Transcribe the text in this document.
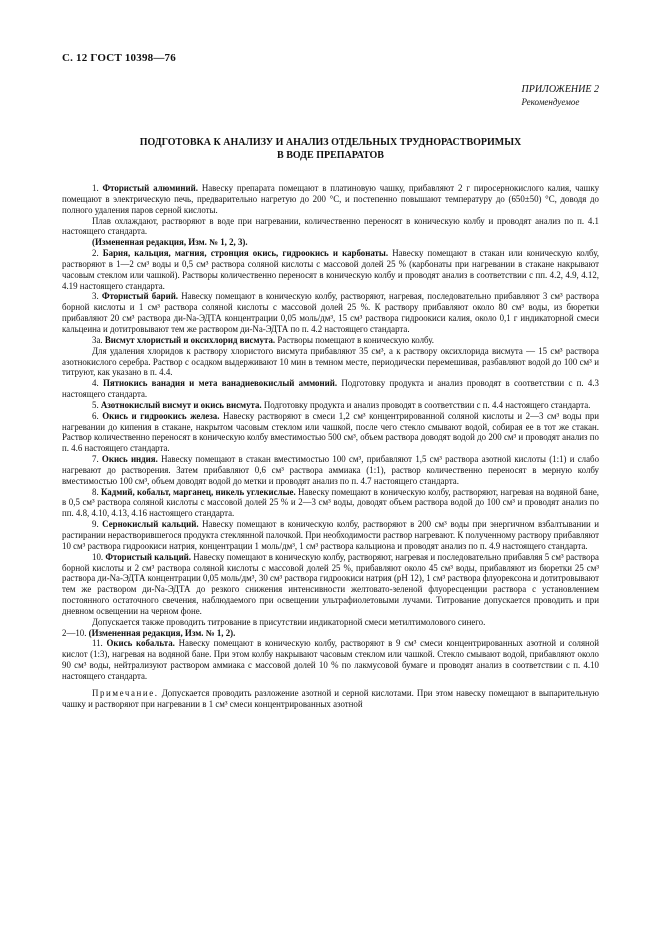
С. 12 ГОСТ 10398—76
ПРИЛОЖЕНИЕ 2
Рекомендуемое
ПОДГОТОВКА К АНАЛИЗУ И АНАЛИЗ ОТДЕЛЬНЫХ ТРУДНОРАСТВОРИМЫХ
В ВОДЕ ПРЕПАРАТОВ

1. Фтористый алюминий. Навеску препарата помещают в платиновую чашку, прибавляют 2 г пиросернокислого калия, чашку помещают в электрическую печь, предварительно нагретую до 200 °С, и постепенно повышают температуру до (650±50) °С, доводя до полного удаления паров серной кислоты.

Плав охлаждают, растворяют в воде при нагревании, количественно переносят в коническую колбу и проводят анализ по п. 4.1 настоящего стандарта.

(Измененная редакция, Изм. № 1, 2, 3).

2. Бария, кальция, магния, стронция окись, гидроокись и карбонаты. Навеску помещают в стакан или коническую колбу, растворяют в 1—2 см³ воды и 0,5 см³ раствора соляной кислоты с массовой долей 25 % (карбонаты при нагревании в стакане накрывают часовым стеклом или чашкой). Растворы количественно переносят в коническую колбу и проводят анализ в соответствии с пп. 4.2, 4.9, 4.12, 4.19 настоящего стандарта.

3. Фтористый барий. Навеску помещают в коническую колбу, растворяют, нагревая, последовательно прибавляют 3 см³ раствора борной кислоты и 1 см³ раствора соляной кислоты с массовой долей 25 %. К раствору прибавляют около 80 см³ воды, из бюретки прибавляют 20 см³ раствора ди-Na-ЭДТА концентрации 0,05 моль/дм³, 15 см³ раствора гидроокиси калия, около 0,1 г индикаторной смеси кальцеина и дотитровывают тем же раствором ди-Na-ЭДТА по п. 4.2 настоящего стандарта.

3а. Висмут хлористый и оксихлорид висмута. Растворы помещают в коническую колбу.

Для удаления хлоридов к раствору хлористого висмута прибавляют 35 см³, а к раствору оксихлорида висмута — 15 см³ раствора азотнокислого серебра. Раствор с осадком выдерживают 10 мин в темном месте, периодически перемешивая, разбавляют водой до 100 см³ и титруют, как указано в п. 4.4.

4. Пятиокись ванадия и мета ванадиевокислый аммоний. Подготовку продукта и анализ проводят в соответствии с п. 4.3 настоящего стандарта.

5. Азотнокислый висмут и окись висмута. Подготовку продукта и анализ проводят в соответствии с п. 4.4 настоящего стандарта.

6. Окись и гидроокись железа. Навеску растворяют в смеси 1,2 см³ концентрированной соляной кислоты и 2—3 см³ воды при нагревании до кипения в стакане, накрытом часовым стеклом или чашкой, после чего стекло смывают водой, собирая ее в тот же стакан. Раствор количественно переносят в коническую колбу вместимостью 500 см³, объем раствора доводят водой до 200 см³ и проводят анализ по п. 4.6 настоящего стандарта.

7. Окись индия. Навеску помещают в стакан вместимостью 100 см³, прибавляют 1,5 см³ раствора азотной кислоты (1:1) и слабо нагревают до растворения. Затем прибавляют 0,6 см³ раствора аммиака (1:1), раствор количественно переносят в мерную колбу вместимостью 100 см³, объем доводят водой до метки и проводят анализ по п. 4.7 настоящего стандарта.

8. Кадмий, кобальт, марганец, никель углекислые. Навеску помещают в коническую колбу, растворяют, нагревая на водяной бане, в 0,5 см³ раствора соляной кислоты с массовой долей 25 % и 2—3 см³ воды, доводят объем раствора водой до 100 см³ и проводят анализ по пп. 4.8, 4.10, 4.13, 4.16 настоящего стандарта.

9. Сернокислый кальций. Навеску помещают в коническую колбу, растворяют в 200 см³ воды при энергичном взбалтывании и растирании нерастворившегося продукта стеклянной палочкой. При необходимости раствор нагревают. К полученному раствору прибавляют 10 см³ раствора гидроокиси натрия, концентрации 1 моль/дм³, 1 см³ раствора кальциона и проводят анализ по п. 4.9 настоящего стандарта.

10. Фтористый кальций. Навеску помещают в коническую колбу, растворяют, нагревая и последовательно прибавляя 5 см³ раствора борной кислоты и 2 см³ раствора соляной кислоты с массовой долей 25 %, прибавляют около 45 см³ воды, прибавляют из бюретки 25 см³ раствора ди-Na-ЭДТА концентрации 0,05 моль/дм³, 30 см³ раствора гидроокиси натрия (рН 12), 1 см³ раствора флуорексона и дотитровывают тем же раствором ди-Na-ЭДТА до резкого снижения интенсивности желтовато-зеленой флуоресценции раствора с установлением постоянного остаточного свечения, наблюдаемого при освещении ультрафиолетовыми лучами. Титрование допускается проводить и при дневном освещении на черном фоне.

Допускается также проводить титрование в присутствии индикаторной смеси метилтимолового синего.

2—10. (Измененная редакция, Изм. № 1, 2).

11. Окись кобальта. Навеску помещают в коническую колбу, растворяют в 9 см³ смеси концентрированных азотной и соляной кислот (1:3), нагревая на водяной бане. При этом колбу накрывают часовым стеклом или чашкой. Стекло смывают водой, прибавляют около 90 см³ воды, нейтрализуют раствором аммиака с массовой долей 10 % по лакмусовой бумаге и проводят анализ в соответствии с п. 4.10 настоящего стандарта.

Примечание. Допускается проводить разложение азотной и серной кислотами. При этом навеску помещают в выпарительную чашку и растворяют при нагревании в 1 см³ смеси концентрированных азотной
